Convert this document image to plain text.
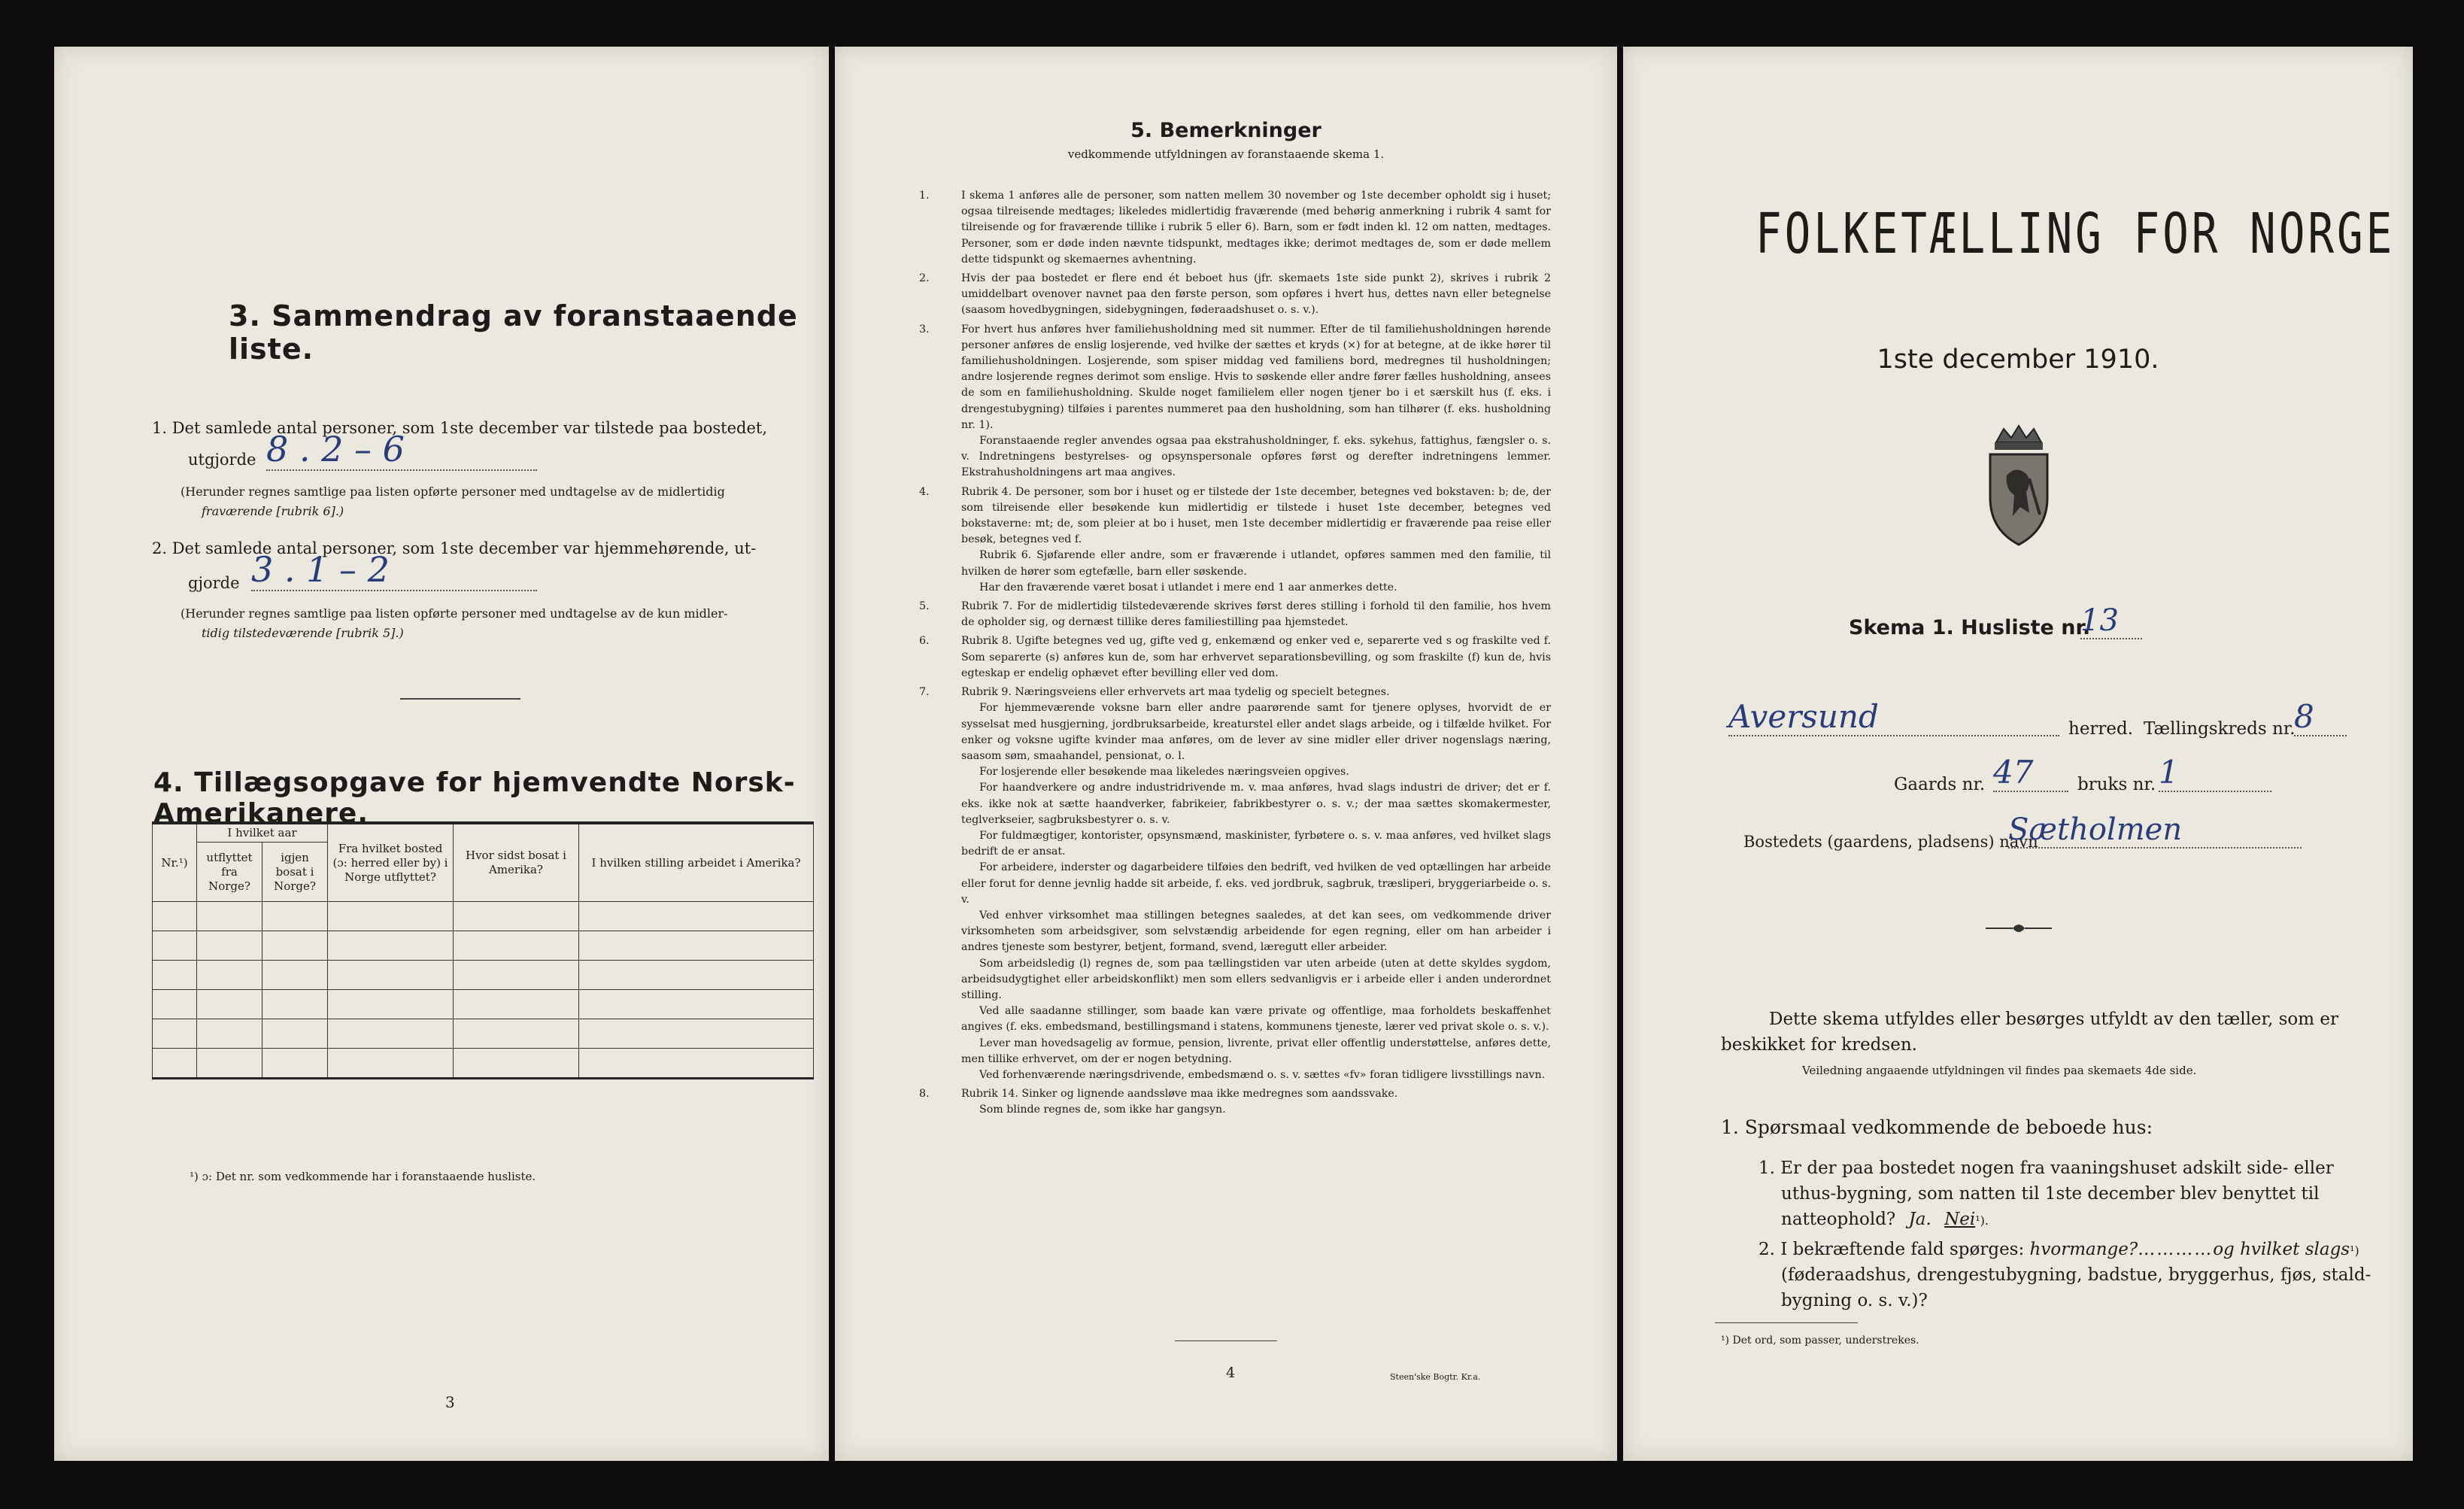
3. Sammendrag av foranstaaende liste.
1. Det samlede antal personer, som 1ste december var tilstede paa bostedet,
utgjorde 8 . 2 – 6
(Herunder regnes samtlige paa listen opførte personer med undtagelse av de midlertidig
fraværende [rubrik 6].)
2. Det samlede antal personer, som 1ste december var hjemmehørende, ut-
gjorde 3 . 1 – 2
(Herunder regnes samtlige paa listen opførte personer med undtagelse av de kun midler-
tidig tilstedeværende [rubrik 5].)
4. Tillægsopgave for hjemvendte Norsk-Amerikanere.
Nr.¹)	I hvilket aar		Fra hvilket bosted (ɔ: herred eller by) i Norge utflyttet?	Hvor sidst bosat i Amerika?	I hvilken stilling arbeidet i Amerika?
	utflyttet fra Norge?	igjen bosat i Norge?			

¹) ɔ: Det nr. som vedkommende har i foranstaaende husliste.
3
5. Bemerkninger
vedkommende utfyldningen av foranstaaende skema 1.

1.	I skema 1 anføres alle de personer, som natten mellem 30 november og 1ste december opholdt sig i huset; ogsaa tilreisende medtages; likeledes midlertidig fraværende (med behørig anmerkning i rubrik 4 samt for tilreisende og for fraværende tillike i rubrik 5 eller 6). Barn, som er født inden kl. 12 om natten, medtages. Personer, som er døde inden nævnte tidspunkt, medtages ikke; derimot medtages de, som er døde mellem dette tidspunkt og skemaernes avhentning.

2.	Hvis der paa bostedet er flere end ét beboet hus (jfr. skemaets 1ste side punkt 2), skrives i rubrik 2 umiddelbart ovenover navnet paa den første person, som opføres i hvert hus, dettes navn eller betegnelse (saasom hovedbygningen, sidebygningen, føderaadshuset o. s. v.).

3.	For hvert hus anføres hver familiehusholdning med sit nummer. Efter de til familiehusholdningen hørende personer anføres de enslig losjerende, ved hvilke der sættes et kryds (×) for at betegne, at de ikke hører til familiehusholdningen. Losjerende, som spiser middag ved familiens bord, medregnes til husholdningen; andre losjerende regnes derimot som enslige. Hvis to søskende eller andre fører fælles husholdning, ansees de som en familiehusholdning. Skulde noget familielem eller nogen tjener bo i et særskilt hus (f. eks. i drengestubygning) tilføies i parentes nummeret paa den husholdning, som han tilhører (f. eks. husholdning nr. 1).

Foranstaaende regler anvendes ogsaa paa ekstrahusholdninger, f. eks. sykehus, fattighus, fængsler o. s. v. Indretningens bestyrelses- og opsynspersonale opføres først og derefter indretningens lemmer. Ekstrahusholdningens art maa angives.

4.	Rubrik 4. De personer, som bor i huset og er tilstede der 1ste december, betegnes ved bokstaven: b; de, der som tilreisende eller besøkende kun midlertidig er tilstede i huset 1ste december, betegnes ved bokstaverne: mt; de, som pleier at bo i huset, men 1ste december midlertidig er fraværende paa reise eller besøk, betegnes ved f.

Rubrik 6. Sjøfarende eller andre, som er fraværende i utlandet, opføres sammen med den familie, til hvilken de hører som egtefælle, barn eller søskende.

Har den fraværende været bosat i utlandet i mere end 1 aar anmerkes dette.

5.	Rubrik 7. For de midlertidig tilstedeværende skrives først deres stilling i forhold til den familie, hos hvem de opholder sig, og dernæst tillike deres familiestilling paa hjemstedet.

6.	Rubrik 8. Ugifte betegnes ved ug, gifte ved g, enkemænd og enker ved e, separerte ved s og fraskilte ved f. Som separerte (s) anføres kun de, som har erhvervet separationsbevilling, og som fraskilte (f) kun de, hvis egteskap er endelig ophævet efter bevilling eller ved dom.

7.	Rubrik 9. Næringsveiens eller erhvervets art maa tydelig og specielt betegnes.

For hjemmeværende voksne barn eller andre paarørende samt for tjenere oplyses, hvorvidt de er sysselsat med husgjerning, jordbruksarbeide, kreaturstel eller andet slags arbeide, og i tilfælde hvilket. For enker og voksne ugifte kvinder maa anføres, om de lever av sine midler eller driver nogenslags næring, saasom søm, smaahandel, pensionat, o. l.

For losjerende eller besøkende maa likeledes næringsveien opgives.

For haandverkere og andre industridrivende m. v. maa anføres, hvad slags industri de driver; det er f. eks. ikke nok at sætte haandverker, fabrikeier, fabrikbestyrer o. s. v.; der maa sættes skomakermester, teglverkseier, sagbruksbestyrer o. s. v.

For fuldmægtiger, kontorister, opsynsmænd, maskinister, fyrbøtere o. s. v. maa anføres, ved hvilket slags bedrift de er ansat.

For arbeidere, inderster og dagarbeidere tilføies den bedrift, ved hvilken de ved optællingen har arbeide eller forut for denne jevnlig hadde sit arbeide, f. eks. ved jordbruk, sagbruk, træsliperi, bryggeriarbeide o. s. v.

Ved enhver virksomhet maa stillingen betegnes saaledes, at det kan sees, om vedkommende driver virksomheten som arbeidsgiver, som selvstændig arbeidende for egen regning, eller om han arbeider i andres tjeneste som bestyrer, betjent, formand, svend, læregutt eller arbeider.

Som arbeidsledig (l) regnes de, som paa tællingstiden var uten arbeide (uten at dette skyldes sygdom, arbeidsudygtighet eller arbeidskonflikt) men som ellers sedvanligvis er i arbeide eller i anden underordnet stilling.

Ved alle saadanne stillinger, som baade kan være private og offentlige, maa forholdets beskaffenhet angives (f. eks. embedsmand, bestillingsmand i statens, kommunens tjeneste, lærer ved privat skole o. s. v.).

Lever man hovedsagelig av formue, pension, livrente, privat eller offentlig understøttelse, anføres dette, men tillike erhvervet, om der er nogen betydning.

Ved forhenværende næringsdrivende, embedsmænd o. s. v. sættes «fv» foran tidligere livsstillings navn.

8.	Rubrik 14. Sinker og lignende aandssløve maa ikke medregnes som aandssvake.

Som blinde regnes de, som ikke har gangsyn.

4	Steen'ske Bogtr. Kr.a.
FOLKETÆLLING FOR NORGE
1ste december 1910.
Skema 1. Husliste nr.
13
Aversund	herred. Tællingskreds nr.
8
Gaards nr. 47	bruks nr. 1
Bostedets (gaardens, pladsens) navn
Sætholmen
Dette skema utfyldes eller besørges utfyldt av den tæller, som er
beskikket for kredsen.
Veiledning angaaende utfyldningen vil findes paa skemaets 4de side.
1. Spørsmaal vedkommende de beboede hus:
1. Er der paa bostedet nogen fra vaaningshuset adskilt side- eller
uthus-bygning, som natten til 1ste december blev benyttet til
natteophold? Ja. Nei¹).
2. I bekræftende fald spørges: hvormange?…………og hvilket slags¹)
(føderaadshus, drengestubygning, badstue, bryggerhus, fjøs, stald-
bygning o. s. v.)?
¹) Det ord, som passer, understrekes.
